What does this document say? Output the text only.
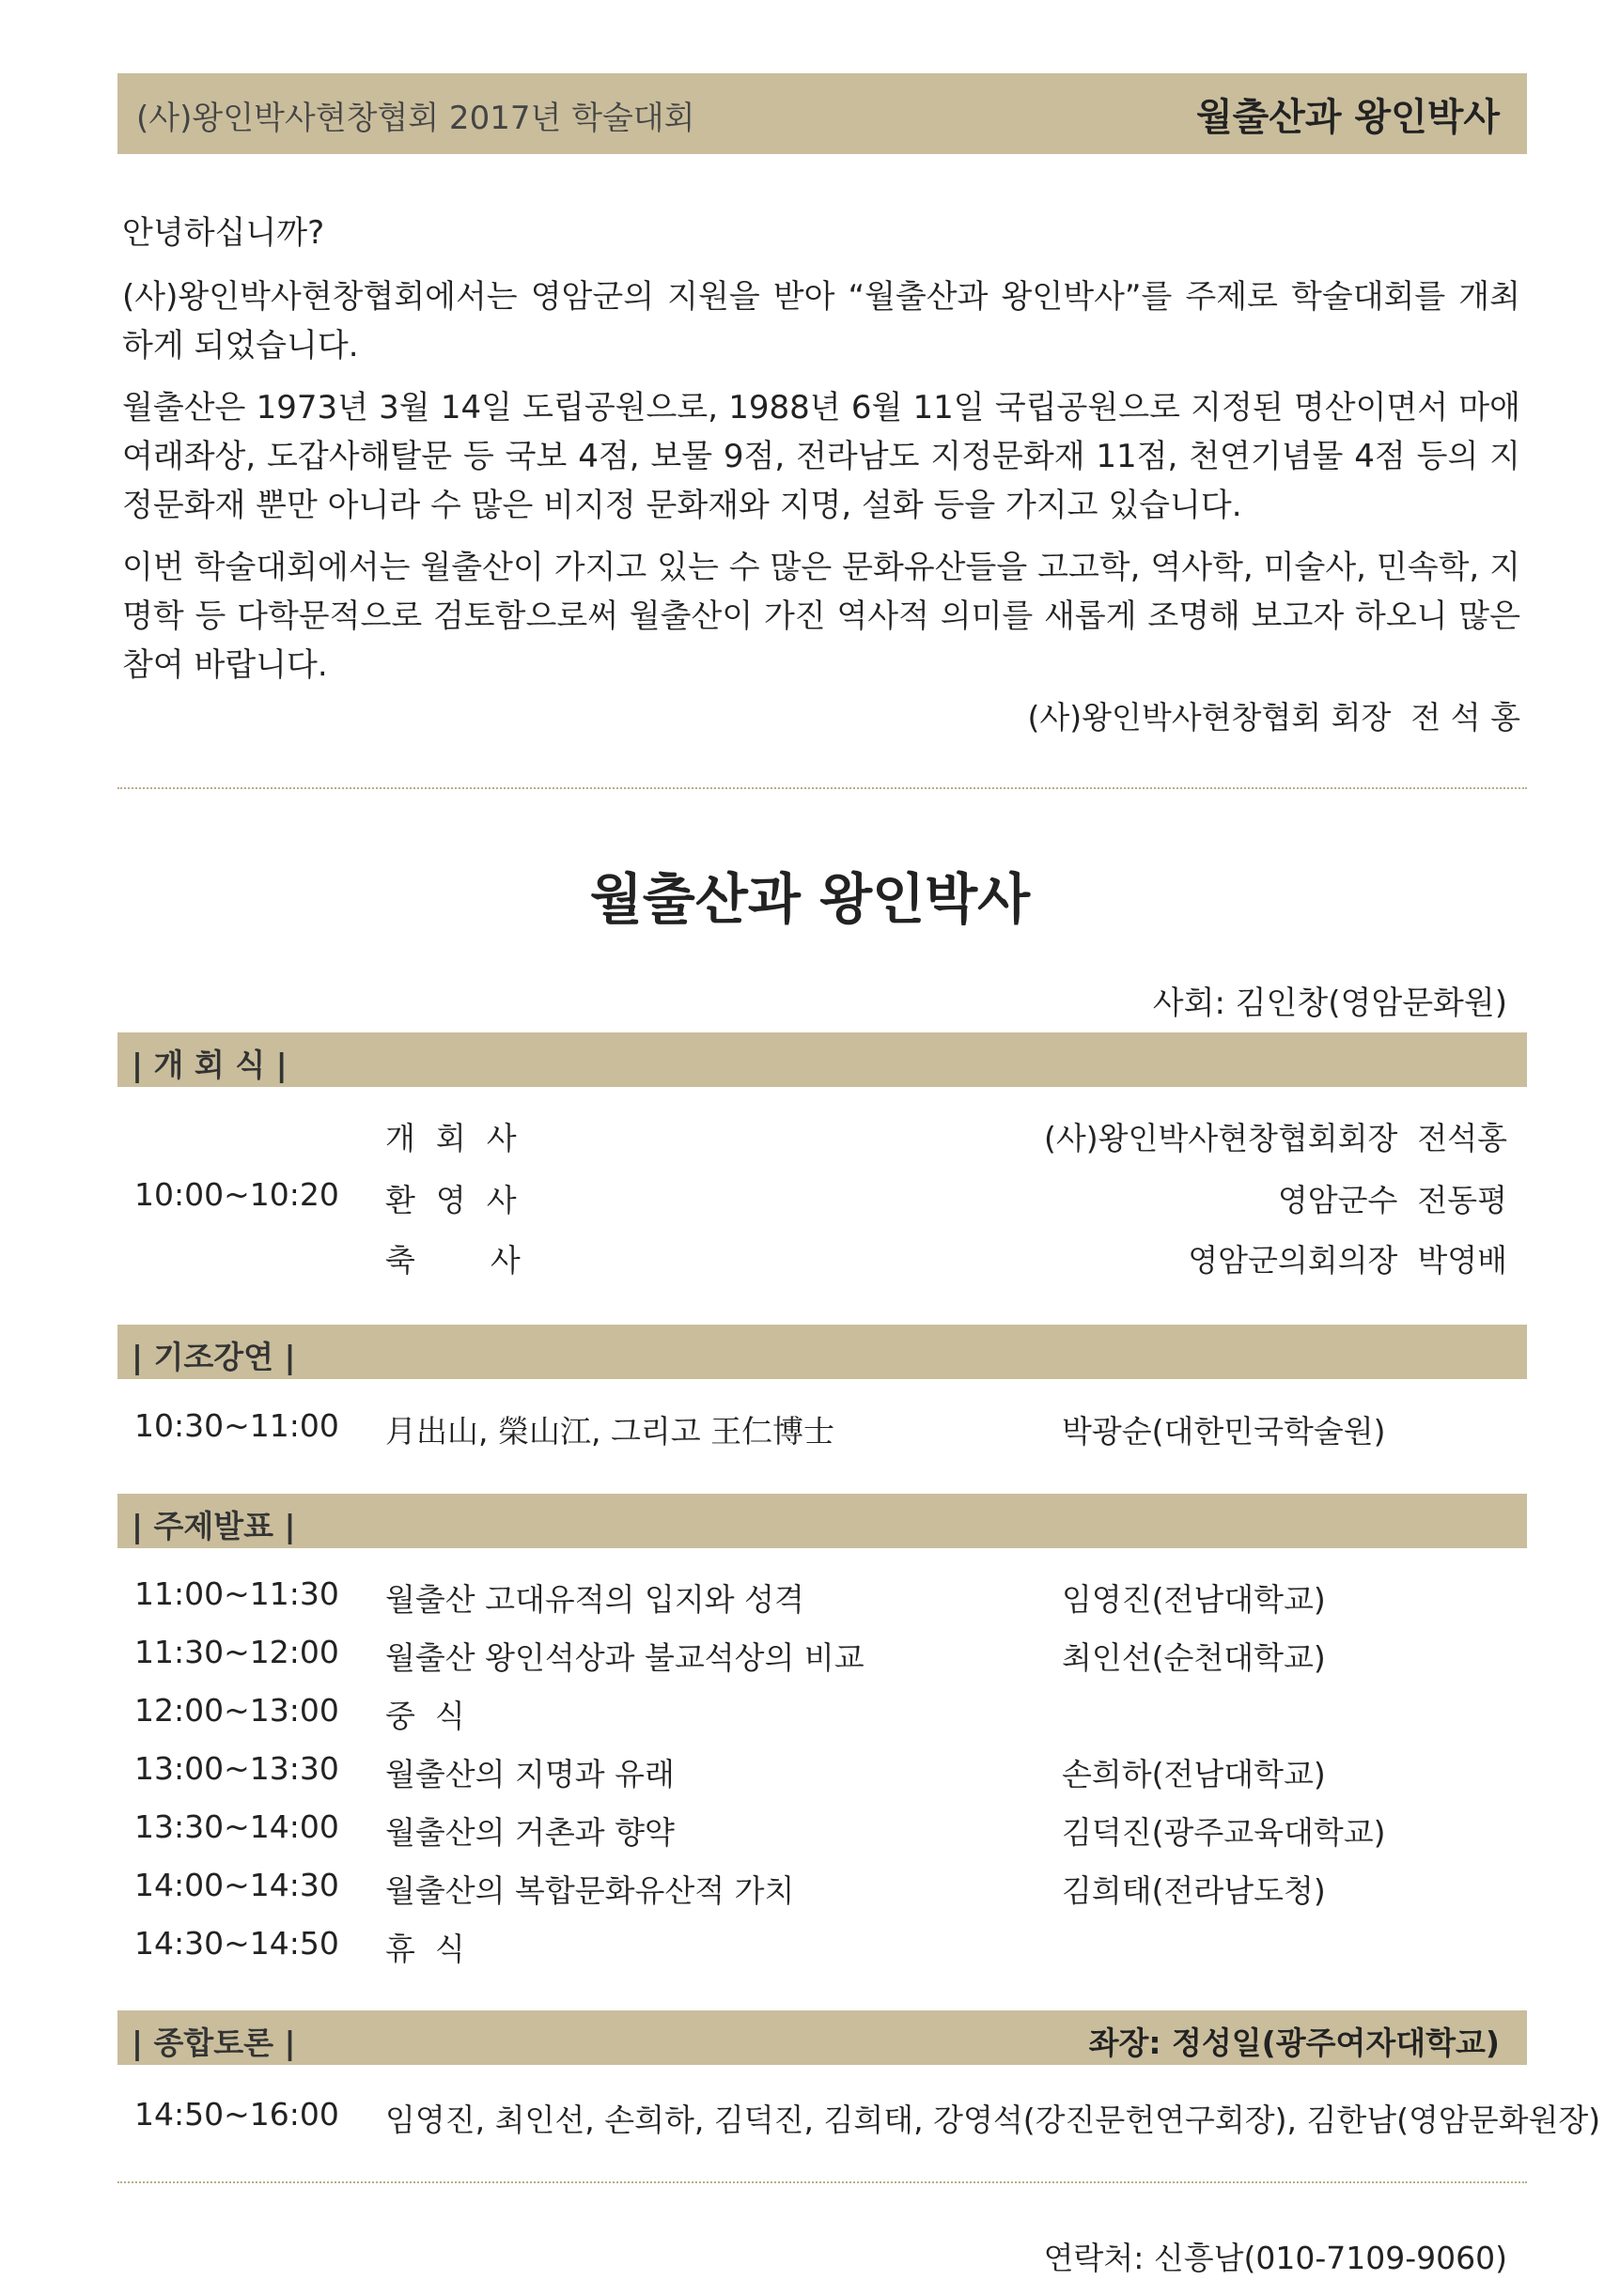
(사)왕인박사현창협회 2017년 학술대회	월출산과 왕인박사
안녕하십니까?
(사)왕인박사현창협회에서는 영암군의 지원을 받아 “월출산과 왕인박사”를 주제로 학술대회를 개최하게 되었습니다.
월출산은 1973년 3월 14일 도립공원으로, 1988년 6월 11일 국립공원으로 지정된 명산이면서 마애여래좌상, 도갑사해탈문 등 국보 4점, 보물 9점, 전라남도 지정문화재 11점, 천연기념물 4점 등의 지정문화재 뿐만 아니라 수 많은 비지정 문화재와 지명, 설화 등을 가지고 있습니다.
이번 학술대회에서는 월출산이 가지고 있는 수 많은 문화유산들을 고고학, 역사학, 미술사, 민속학, 지명학 등 다학문적으로 검토함으로써 월출산이 가진 역사적 의미를 새롭게 조명해 보고자 하오니 많은 참여 바랍니다.
(사)왕인박사현창협회 회장  전 석 홍
월출산과 왕인박사
사회: 김인창(영암문화원)
| 개 회 식 |
개회사	(사)왕인박사현창협회회장  전석홍
10:00~10:20 환영사	영암군수  전동평
축사	영암군의회의장  박영배
| 기조강연 |
10:30~11:00 月出山, 榮山江, 그리고 王仁博士	박광순(대한민국학술원)
| 주제발표 |
11:00~11:30 월출산 고대유적의 입지와 성격	임영진(전남대학교)
11:30~12:00 월출산 왕인석상과 불교석상의 비교	최인선(순천대학교)
12:00~13:00 중  식
13:00~13:30 월출산의 지명과 유래	손희하(전남대학교)
13:30~14:00 월출산의 거촌과 향약	김덕진(광주교육대학교)
14:00~14:30 월출산의 복합문화유산적 가치	김희태(전라남도청)
14:30~14:50 휴  식
| 종합토론 |	좌장: 정성일(광주여자대학교)
14:50~16:00 임영진, 최인선, 손희하, 김덕진, 김희태, 강영석(강진문헌연구회장), 김한남(영암문화원장)
연락처: 신흥남(010-7109-9060)
